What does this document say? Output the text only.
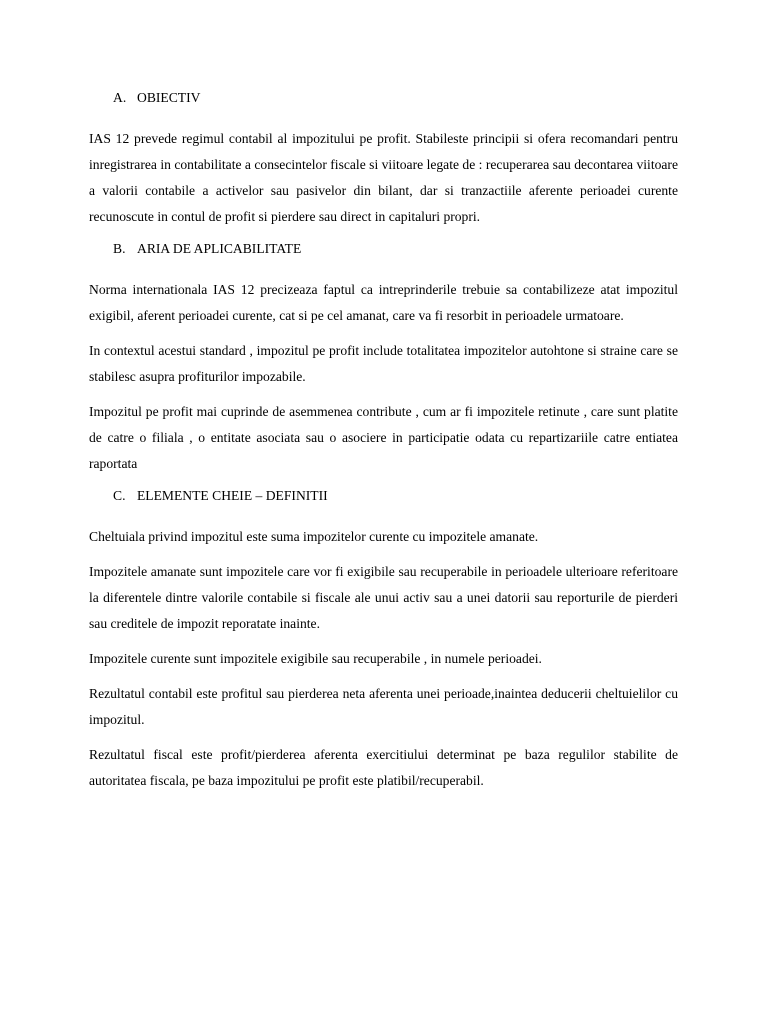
A. OBIECTIV

IAS 12 prevede regimul contabil al impozitului pe profit. Stabileste principii si ofera recomandari pentru inregistrarea in contabilitate a consecintelor fiscale si viitoare legate de : recuperarea sau decontarea viitoare a valorii contabile a activelor sau pasivelor din bilant, dar si tranzactiile aferente perioadei curente recunoscute in contul de profit si pierdere sau direct in capitaluri propri.

B. ARIA DE APLICABILITATE

Norma internationala IAS 12 precizeaza faptul ca intreprinderile trebuie sa contabilizeze atat impozitul exigibil, aferent perioadei curente, cat si pe cel amanat, care va fi resorbit in perioadele urmatoare.

In contextul acestui standard , impozitul pe profit include totalitatea impozitelor autohtone si straine care se stabilesc asupra profiturilor impozabile.

Impozitul pe profit mai cuprinde de asemmenea contribute , cum ar fi impozitele retinute , care sunt platite de catre o filiala , o entitate asociata sau o asociere in participatie odata cu repartizariile catre entiatea raportata

C. ELEMENTE CHEIE – DEFINITII

Cheltuiala privind impozitul este suma impozitelor curente cu impozitele amanate.

Impozitele amanate sunt impozitele care vor fi exigibile sau recuperabile in perioadele ulterioare referitoare la diferentele dintre valorile contabile si fiscale ale unui activ sau a unei datorii sau reporturile de pierderi sau creditele de impozit reporatate inainte.

Impozitele curente sunt impozitele exigibile sau recuperabile , in numele perioadei.

Rezultatul contabil este profitul sau pierderea neta aferenta unei perioade,inaintea deducerii cheltuielilor cu impozitul.

Rezultatul fiscal este profit/pierderea aferenta exercitiului determinat pe baza regulilor stabilite de autoritatea fiscala, pe baza impozitului pe profit este platibil/recuperabil.
